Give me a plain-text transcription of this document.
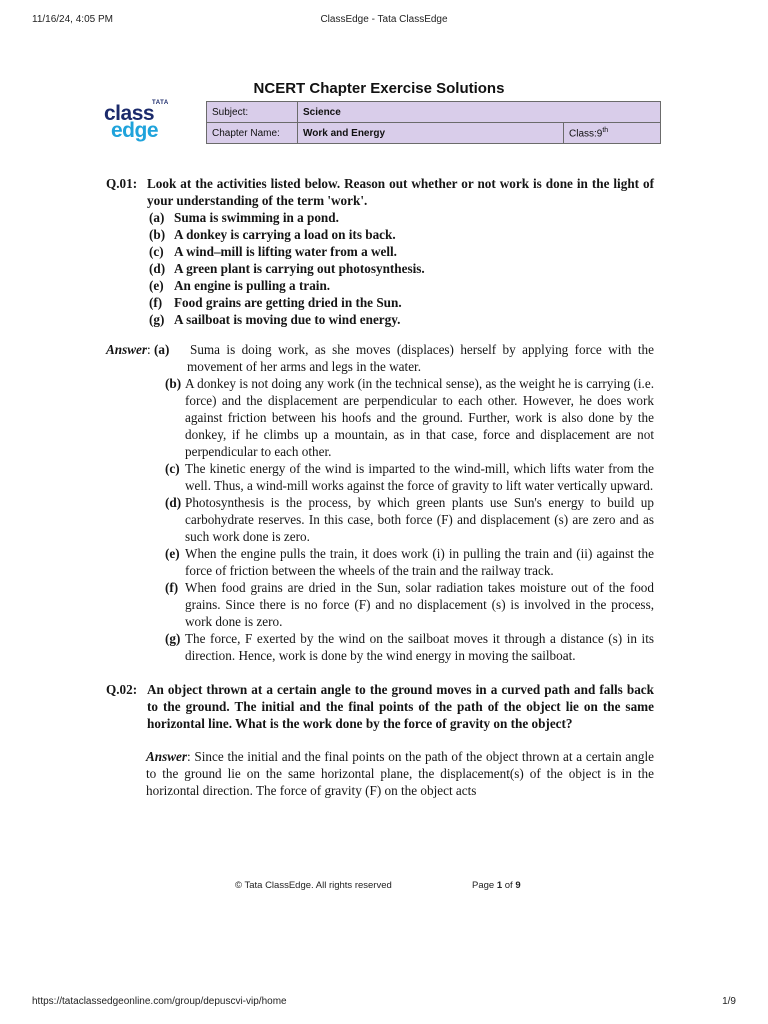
11/16/24, 4:05 PM	ClassEdge - Tata ClassEdge
NCERT Chapter Exercise Solutions
TATA
class
edge
Subject:	Science	
Chapter Name:	Work and Energy	Class:9th
Q.01: Look at the activities listed below. Reason out whether or not work is done in the light of your understanding of the term 'work'.
(a) Suma is swimming in a pond.
(b) A donkey is carrying a load on its back.
(c) A wind–mill is lifting water from a well.
(d) A green plant is carrying out photosynthesis.
(e) An engine is pulling a train.
(f) Food grains are getting dried in the Sun.
(g) A sailboat is moving due to wind energy.
Answer: (a)	Suma is doing work, as she moves (displaces) herself by applying force with the movement of her arms and legs in the water.
(b) A donkey is not doing any work (in the technical sense), as the weight he is carrying (i.e. force) and the displacement are perpendicular to each other. However, he does work against friction between his hoofs and the ground. Further, work is also done by the donkey, if he climbs up a mountain, as in that case, force and displacement are not perpendicular to each other.
(c) The kinetic energy of the wind is imparted to the wind-mill, which lifts water from the well. Thus, a wind-mill works against the force of gravity to lift water vertically upward.
(d) Photosynthesis is the process, by which green plants use Sun's energy to build up carbohydrate reserves. In this case, both force (F) and displacement (s) are zero and as such work done is zero.
(e) When the engine pulls the train, it does work (i) in pulling the train and (ii) against the force of friction between the wheels of the train and the railway track.
(f) When food grains are dried in the Sun, solar radiation takes moisture out of the food grains. Since there is no force (F) and no displacement (s) is involved in the process, work done is zero.
(g) The force, F exerted by the wind on the sailboat moves it through a distance (s) in its direction. Hence, work is done by the wind energy in moving the sailboat.
Q.02: An object thrown at a certain angle to the ground moves in a curved path and falls back to the ground. The initial and the final points of the path of the object lie on the same horizontal line. What is the work done by the force of gravity on the object?
Answer: Since the initial and the final points on the path of the object thrown at a certain angle to the ground lie on the same horizontal plane, the displacement(s) of the object is in the horizontal direction. The force of gravity (F) on the object acts
© Tata ClassEdge. All rights reserved	Page 1 of 9
https://tataclassedgeonline.com/group/depuscvi-vip/home	1/9
